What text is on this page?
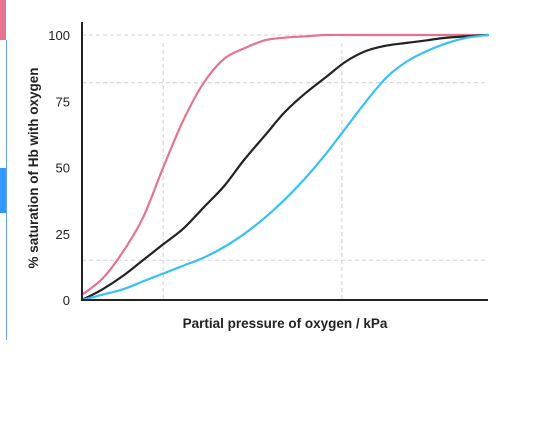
0
25
50
75
100
Partial pressure of oxygen / kPa
% saturation of Hb with oxygen
